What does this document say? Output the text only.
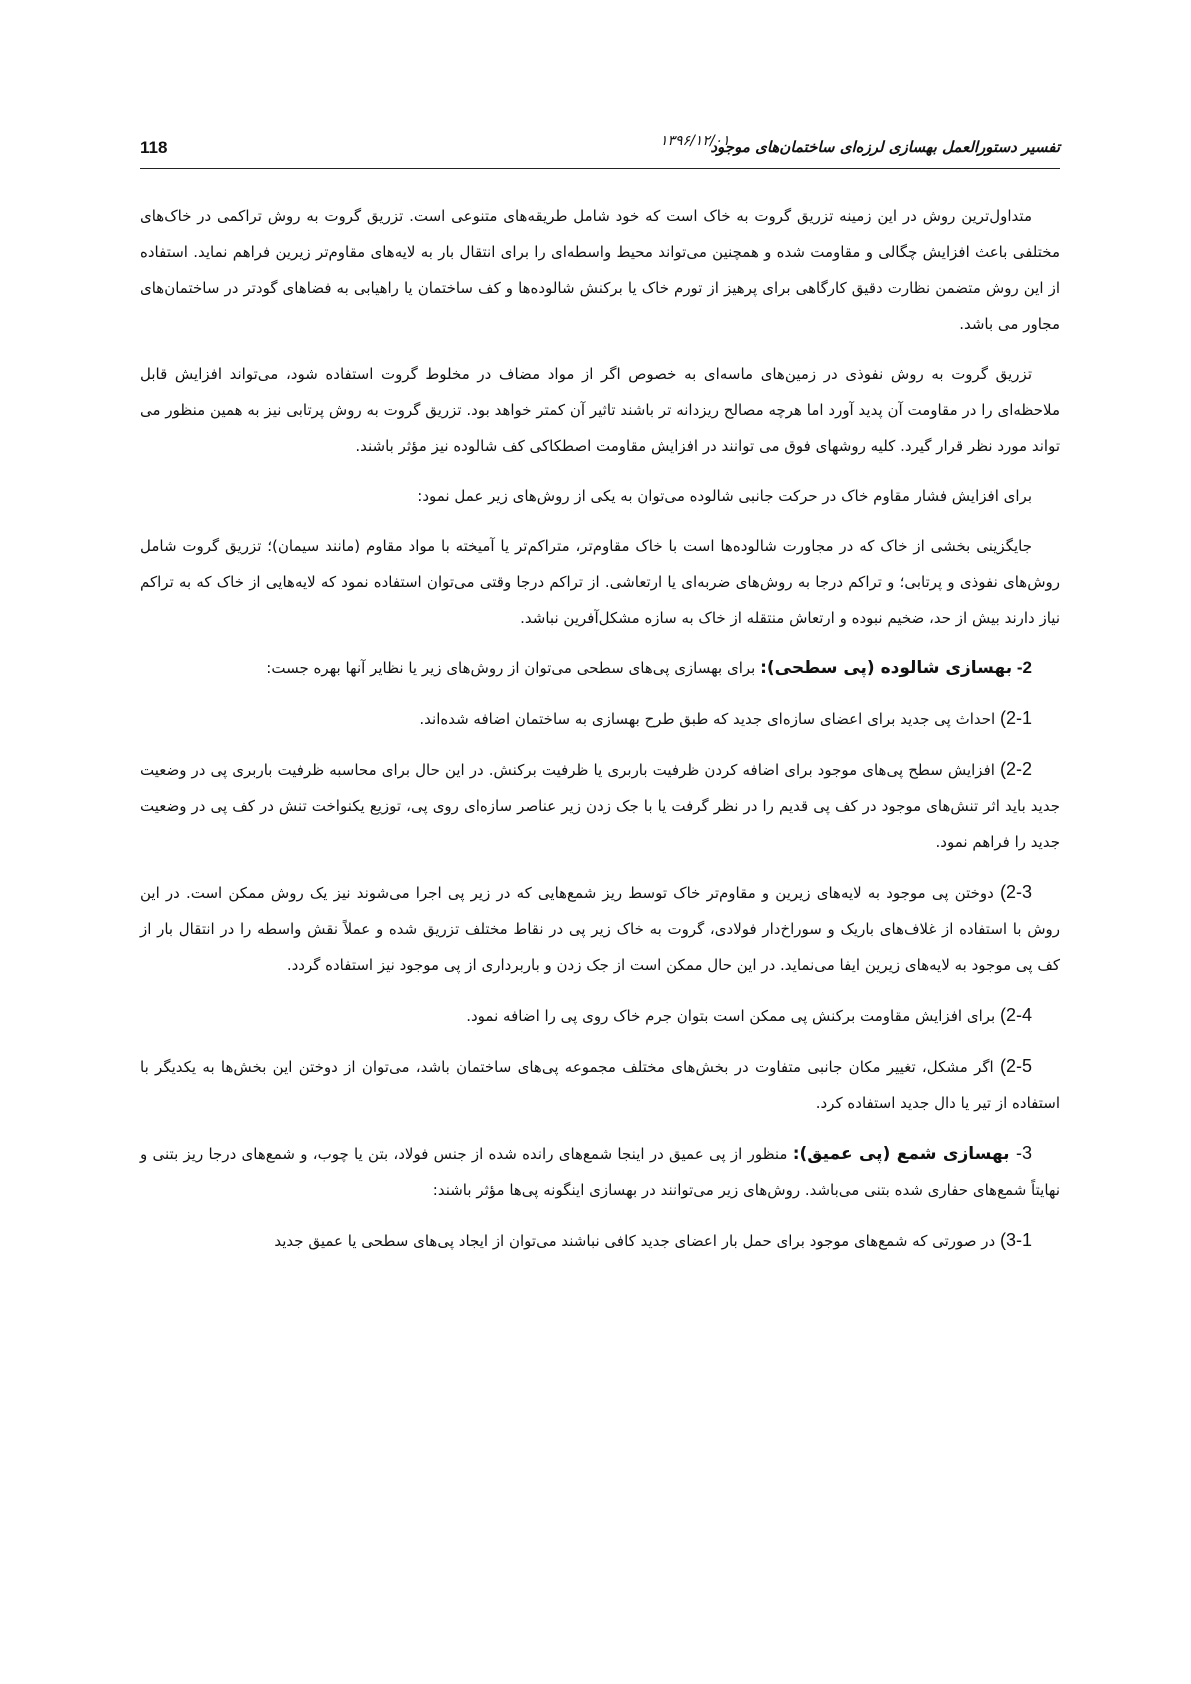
118	۱۳۹۶/۱۲/۰۱
تفسیر دستورالعمل بهسازی لرزه‌ای ساختمان‌های موجود

متداول‌ترین روش در این زمینه تزریق گروت به خاک است که خود شامل طریقه‌های متنوعی است. تزریق گروت به روش تراکمی در خاک‌های مختلفی باعث افزایش چگالی و مقاومت شده و همچنین می‌تواند محیط واسطه‌ای را برای انتقال بار به لایه‌های مقاوم‌تر زیرین فراهم نماید. استفاده از این روش متضمن نظارت دقیق کارگاهی برای پرهیز از تورم خاک یا برکنش شالوده‌ها و کف ساختمان یا راهیابی به فضاهای گودتر در ساختمان‌های مجاور می باشد.

تزریق گروت به روش نفوذی در زمین‌های ماسه‌ای به خصوص اگر از مواد مضاف در مخلوط گروت استفاده شود، می‌تواند افزایش قابل ملاحظه‌ای را در مقاومت آن پدید آورد اما هرچه مصالح ریزدانه تر باشند تاثیر آن کمتر خواهد بود. تزریق گروت به روش پرتابی نیز به همین منظور می تواند مورد نظر قرار گیرد. کلیه روشهای فوق می توانند در افزایش مقاومت اصطکاکی کف شالوده نیز مؤثر باشند.

برای افزایش فشار مقاوم خاک در حرکت جانبی شالوده می‌توان به یکی از روش‌های زیر عمل نمود:

جایگزینی بخشی از خاک که در مجاورت شالوده‌ها است با خاک مقاوم‌تر، متراکم‌تر یا آمیخته با مواد مقاوم (مانند سیمان)؛ تزریق گروت شامل روش‌های نفوذی و پرتابی؛ و تراکم درجا به روش‌های ضربه‌ای یا ارتعاشی. از تراکم درجا وقتی می‌توان استفاده نمود که لایه‌هایی از خاک که به تراکم نیاز دارند بیش از حد، ضخیم نبوده و ارتعاش منتقله از خاک به سازه مشکل‌آفرین نباشد.

2- بهسازی شالوده (پی سطحی): برای بهسازی پی‌های سطحی می‌توان از روش‌های زیر یا نظایر آنها بهره جست:

2-1) احداث پی جدید برای اعضای سازه‌ای جدید که طبق طرح بهسازی به ساختمان اضافه شده‌اند.

2-2) افزایش سطح پی‌های موجود برای اضافه کردن ظرفیت باربری یا ظرفیت برکنش. در این حال برای محاسبه ظرفیت باربری پی در وضعیت جدید باید اثر تنش‌های موجود در کف پی قدیم را در نظر گرفت یا با جک زدن زیر عناصر سازه‌ای روی پی، توزیع یکنواخت تنش در کف پی در وضعیت جدید را فراهم نمود.

2-3) دوختن پی موجود به لایه‌های زیرین و مقاوم‌تر خاک توسط ریز شمع‌هایی که در زیر پی اجرا می‌شوند نیز یک روش ممکن است. در این روش با استفاده از غلاف‌های باریک و سوراخ‌دار فولادی، گروت به خاک زیر پی در نقاط مختلف تزریق شده و عملاً نقش واسطه را در انتقال بار از کف پی موجود به لایه‌های زیرین ایفا می‌نماید. در این حال ممکن است از جک زدن و باربرداری از پی موجود نیز استفاده گردد.

2-4) برای افزایش مقاومت برکنش پی ممکن است بتوان جرم خاک روی پی را اضافه نمود.

2-5) اگر مشکل، تغییر مکان جانبی متفاوت در بخش‌های مختلف مجموعه پی‌های ساختمان باشد، می‌توان از دوختن این بخش‌ها به یکدیگر با استفاده از تیر یا دال جدید استفاده کرد.

3- بهسازی شمع (پی عمیق): منظور از پی عمیق در اینجا شمع‌های رانده شده از جنس فولاد، بتن یا چوب، و شمع‌های درجا ریز بتنی و نهایتاً شمع‌های حفاری شده بتنی می‌باشد. روش‌های زیر می‌توانند در بهسازی اینگونه پی‌ها مؤثر باشند:

3-1) در صورتی که شمع‌های موجود برای حمل بار اعضای جدید کافی نباشند می‌توان از ایجاد پی‌های سطحی یا عمیق جدید
